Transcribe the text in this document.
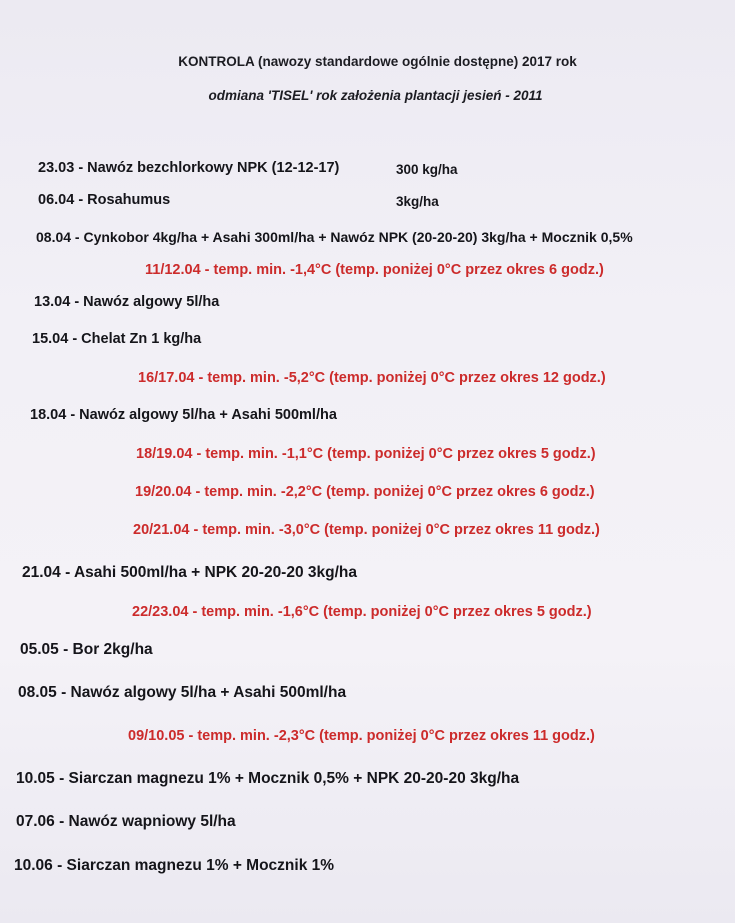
KONTROLA (nawozy standardowe ogólnie dostępne) 2017 rok
odmiana 'TISEL' rok założenia plantacji jesień - 2011
23.03 - Nawóz bezchlorkowy NPK (12-12-17)	300 kg/ha
06.04 - Rosahumus	3kg/ha
08.04 - Cynkobor 4kg/ha + Asahi 300ml/ha + Nawóz NPK (20-20-20) 3kg/ha + Mocznik 0,5%
11/12.04 - temp. min. -1,4°C (temp. poniżej 0°C przez okres 6 godz.)
13.04 - Nawóz algowy 5l/ha
15.04 - Chelat Zn 1 kg/ha
16/17.04 - temp. min. -5,2°C (temp. poniżej 0°C przez okres 12 godz.)
18.04 - Nawóz algowy 5l/ha + Asahi 500ml/ha
18/19.04 - temp. min. -1,1°C (temp. poniżej 0°C przez okres 5 godz.)
19/20.04 - temp. min. -2,2°C (temp. poniżej 0°C przez okres 6 godz.)
20/21.04 - temp. min. -3,0°C (temp. poniżej 0°C przez okres 11 godz.)
21.04 - Asahi 500ml/ha + NPK 20-20-20 3kg/ha
22/23.04 - temp. min. -1,6°C (temp. poniżej 0°C przez okres 5 godz.)
05.05 - Bor 2kg/ha
08.05 - Nawóz algowy 5l/ha + Asahi 500ml/ha
09/10.05 - temp. min. -2,3°C (temp. poniżej 0°C przez okres 11 godz.)
10.05 - Siarczan magnezu 1% + Mocznik 0,5% + NPK 20-20-20 3kg/ha
07.06 - Nawóz wapniowy 5l/ha
10.06 - Siarczan magnezu 1% + Mocznik 1%
